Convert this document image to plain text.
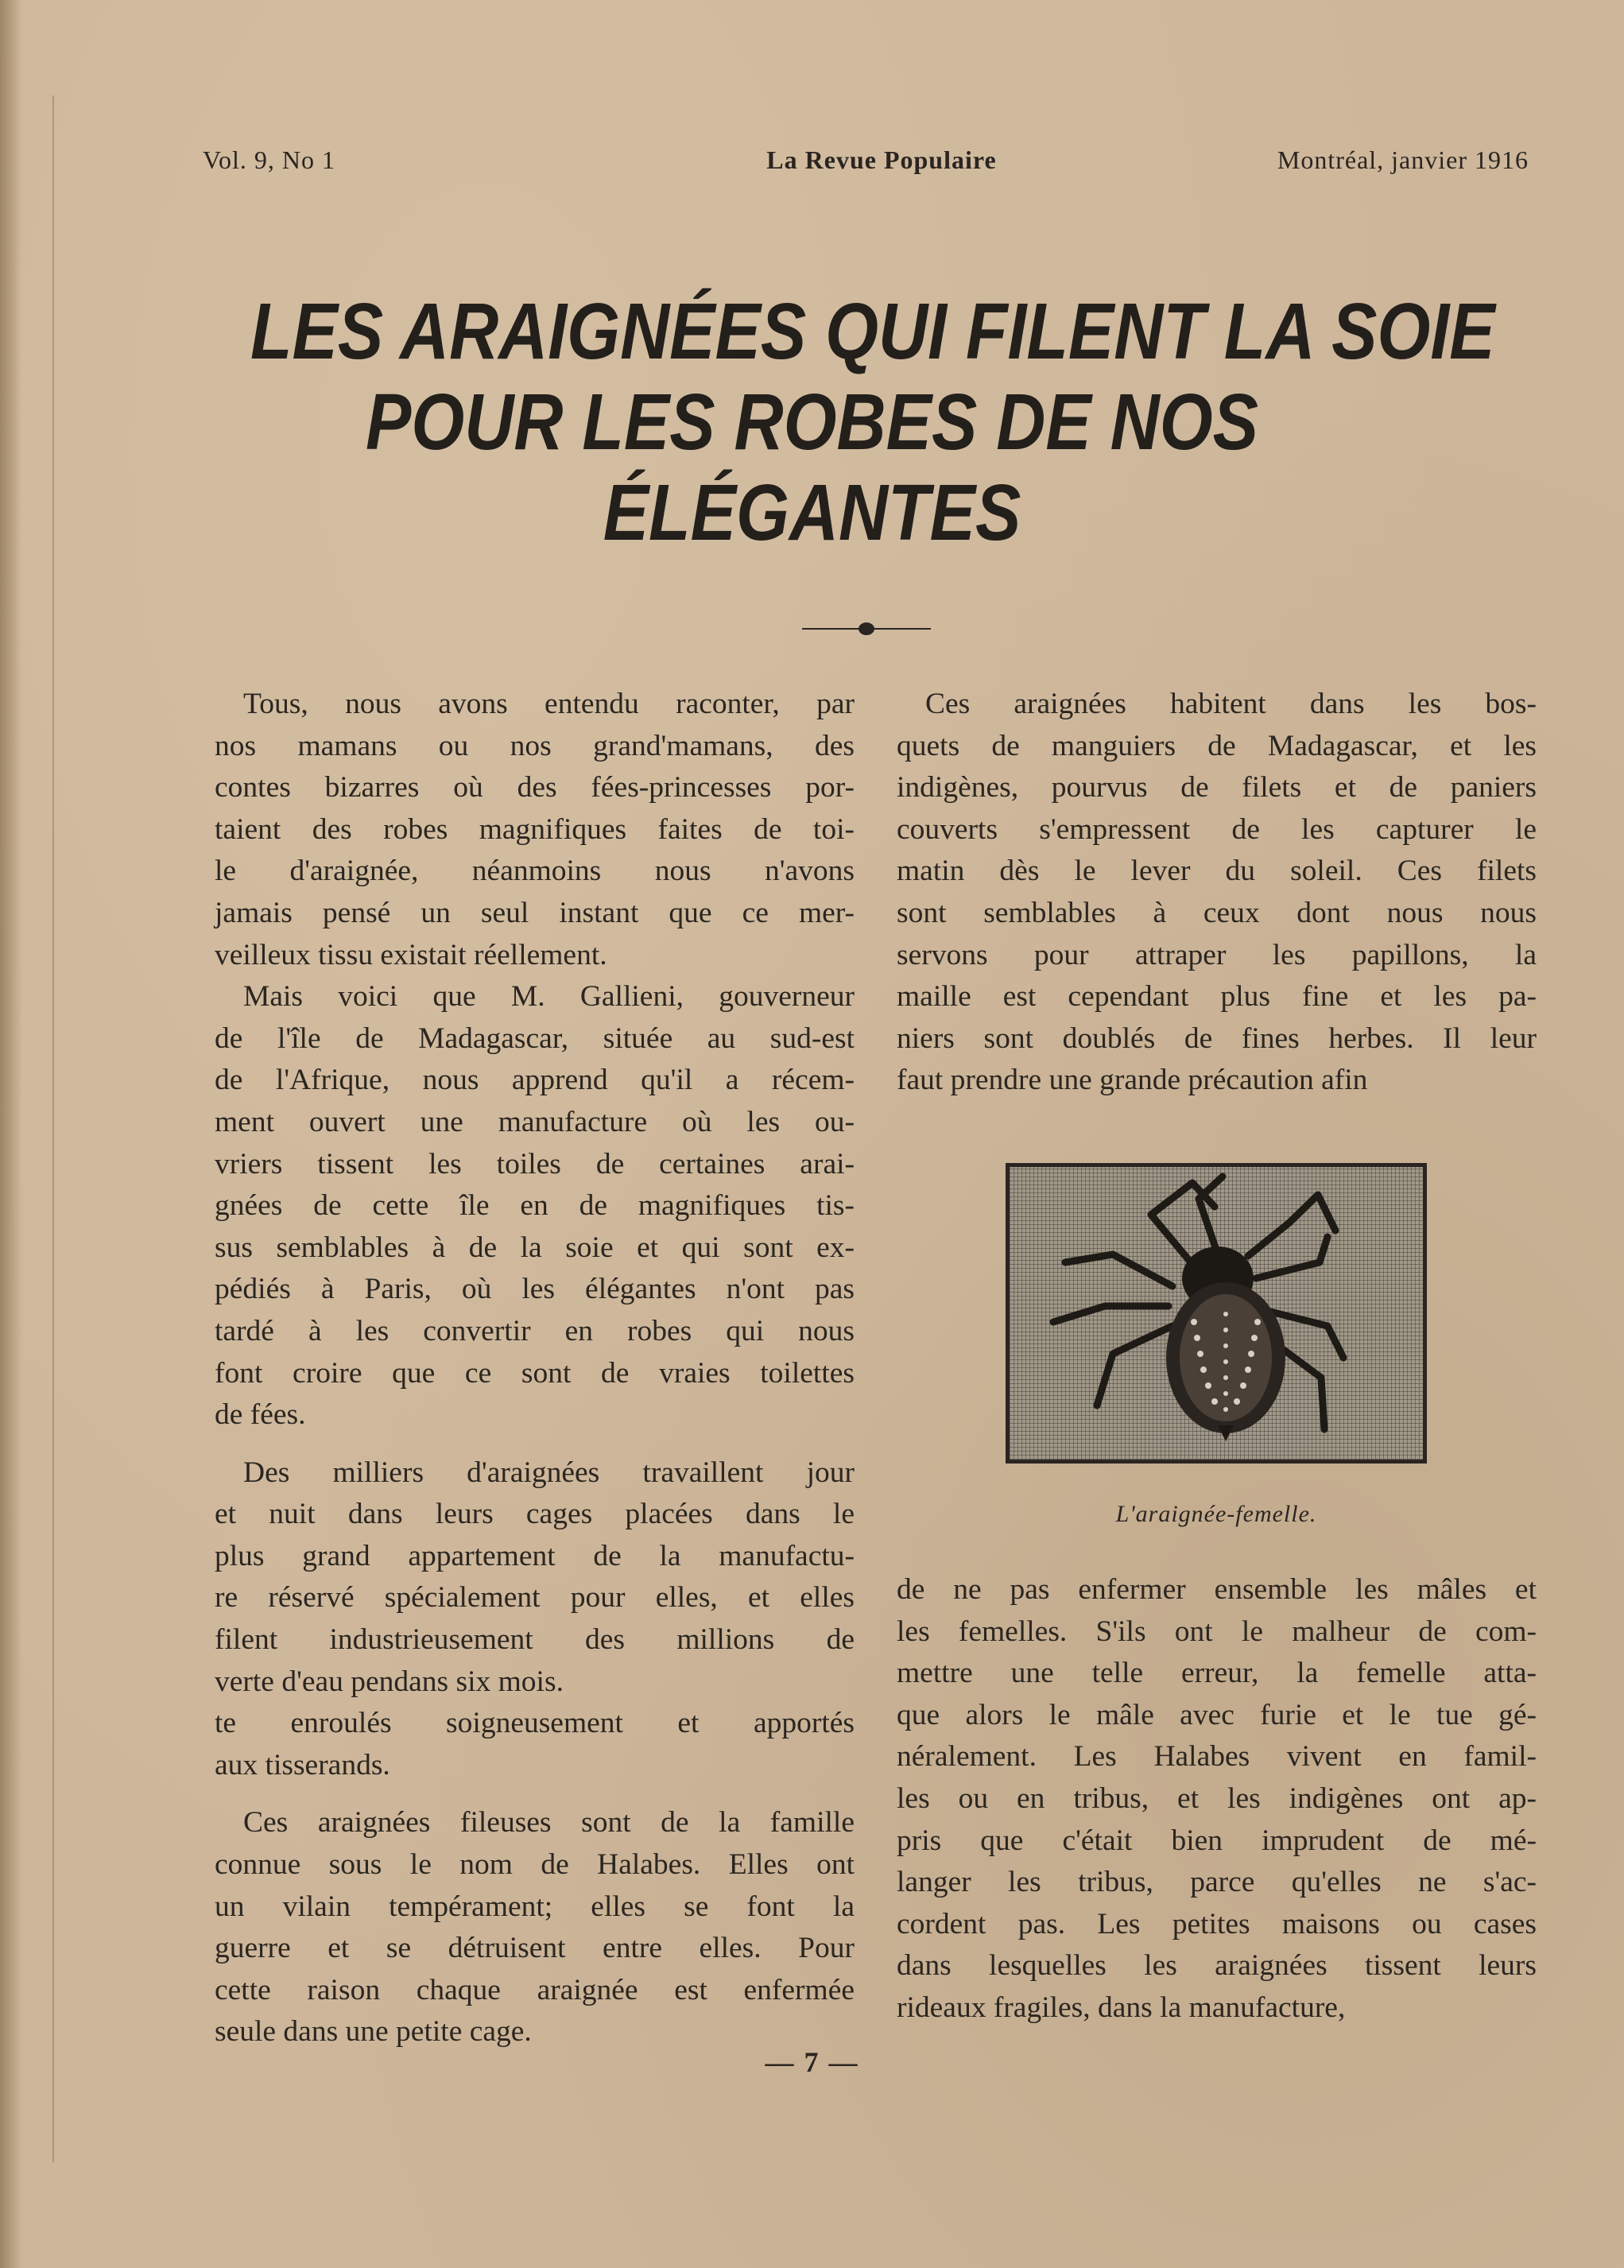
Vol. 9, No 1	La Revue Populaire	Montréal, janvier 1916
LES ARAIGNÉES QUI FILENT LA SOIE
POUR LES ROBES DE NOS
ÉLÉGANTES

Tous, nous avons entendu raconter, par
nos mamans ou nos grand'mamans, des
contes bizarres où des fées-princesses por-
taient des robes magnifiques faites de toi-
le d'araignée, néanmoins nous n'avons
jamais pensé un seul instant que ce mer-
veilleux tissu existait réellement.

Mais voici que M. Gallieni, gouverneur
de l'île de Madagascar, située au sud-est
de l'Afrique, nous apprend qu'il a récem-
ment ouvert une manufacture où les ou-
vriers tissent les toiles de certaines arai-
gnées de cette île en de magnifiques tis-
sus semblables à de la soie et qui sont ex-
pédiés à Paris, où les élégantes n'ont pas
tardé à les convertir en robes qui nous
font croire que ce sont de vraies toilettes
de fées.

Des milliers d'araignées travaillent jour
et nuit dans leurs cages placées dans le
plus grand appartement de la manufactu-
re réservé spécialement pour elles, et elles
filent industrieusement des millions de
verte d'eau pendans six mois.

te enroulés soigneusement et apportés
aux tisserands.

Ces araignées fileuses sont de la famille
connue sous le nom de Halabes. Elles ont
un vilain tempérament; elles se font la
guerre et se détruisent entre elles. Pour
cette raison chaque araignée est enfermée
seule dans une petite cage.

Ces araignées habitent dans les bos-
quets de manguiers de Madagascar, et les
indigènes, pourvus de filets et de paniers
couverts s'empressent de les capturer le
matin dès le lever du soleil. Ces filets
sont semblables à ceux dont nous nous
servons pour attraper les papillons, la
maille est cependant plus fine et les pa-
niers sont doublés de fines herbes. Il leur
faut prendre une grande précaution afin

L'araignée-femelle.

de ne pas enfermer ensemble les mâles et
les femelles. S'ils ont le malheur de com-
mettre une telle erreur, la femelle atta-
que alors le mâle avec furie et le tue gé-
néralement. Les Halabes vivent en famil-
les ou en tribus, et les indigènes ont ap-
pris que c'était bien imprudent de mé-
langer les tribus, parce qu'elles ne s'ac-
cordent pas. Les petites maisons ou cases
dans lesquelles les araignées tissent leurs
rideaux fragiles, dans la manufacture,

— 7 —
